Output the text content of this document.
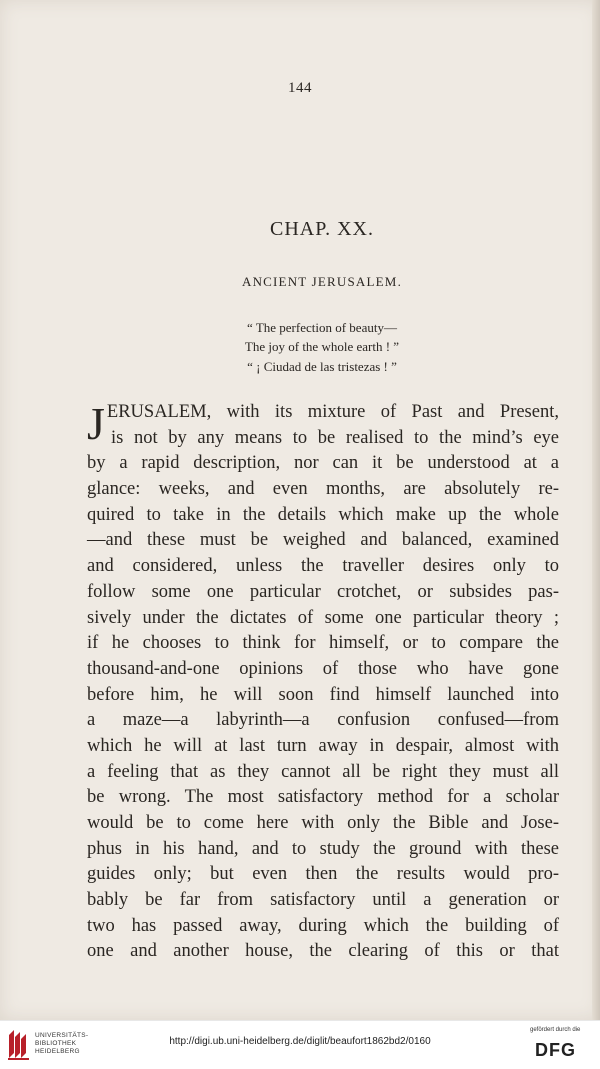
144
CHAP. XX.
ANCIENT JERUSALEM.
“ The perfection of beauty—
The joy of the whole earth ! ”
“ ¡ Ciudad de las tristezas ! ”
J ERUSALEM, with its mixture of Past and Present,
is not by any means to be realised to the mind’s eye
by a rapid description, nor can it be understood at a
glance: weeks, and even months, are absolutely re-
quired to take in the details which make up the whole
—and these must be weighed and balanced, examined
and considered, unless the traveller desires only to
follow some one particular crotchet, or subsides pas-
sively under the dictates of some one particular theory ;
if he chooses to think for himself, or to compare the
thousand-and-one opinions of those who have gone
before him, he will soon find himself launched into
a maze—a labyrinth—a confusion confused—from
which he will at last turn away in despair, almost with
a feeling that as they cannot all be right they must all
be wrong. The most satisfactory method for a scholar
would be to come here with only the Bible and Jose-
phus in his hand, and to study the ground with these
guides only; but even then the results would pro-
bably be far from satisfactory until a generation or
two has passed away, during which the building of
one and another house, the clearing of this or that
UNIVERSITÄTS-
BIBLIOTHEK
HEIDELBERG
http://digi.ub.uni-heidelberg.de/diglit/beaufort1862bd2/0160
gefördert durch die
DFG
